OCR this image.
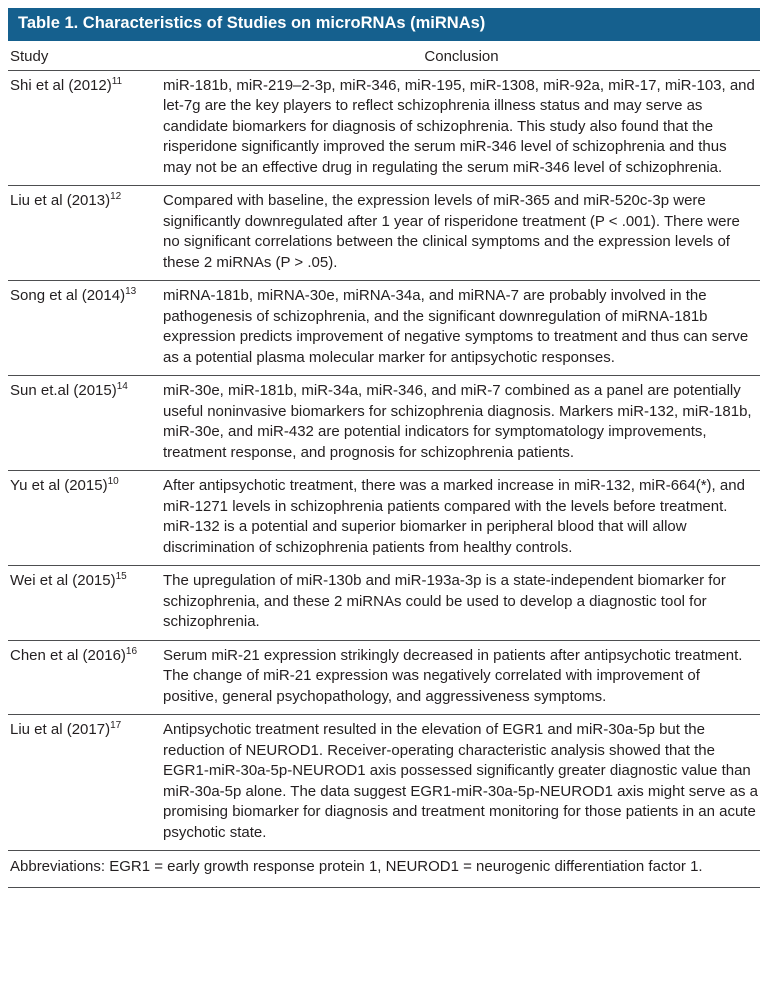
Table 1. Characteristics of Studies on microRNAs (miRNAs)
Study	Conclusion
Shi et al (2012)$^{11}$	miR-181b, miR-219–2-3p, miR-346, miR-195, miR-1308, miR-92a, miR-17, miR-103, and let-7g are the key players to reflect schizophrenia illness status and may serve as candidate biomarkers for diagnosis of schizophrenia. This study also found that the risperidone significantly improved the serum miR-346 level of schizophrenia and thus may not be an effective drug in regulating the serum miR-346 level of schizophrenia.
Liu et al (2013)$^{12}$	Compared with baseline, the expression levels of miR-365 and miR-520c-3p were significantly downregulated after 1 year of risperidone treatment (P < .001). There were no significant correlations between the clinical symptoms and the expression levels of these 2 miRNAs (P > .05).
Song et al (2014)$^{13}$	miRNA-181b, miRNA-30e, miRNA-34a, and miRNA-7 are probably involved in the pathogenesis of schizophrenia, and the significant downregulation of miRNA-181b expression predicts improvement of negative symptoms to treatment and thus can serve as a potential plasma molecular marker for antipsychotic responses.
Sun et.al (2015)$^{14}$	miR-30e, miR-181b, miR-34a, miR-346, and miR-7 combined as a panel are potentially useful noninvasive biomarkers for schizophrenia diagnosis. Markers miR-132, miR-181b, miR-30e, and miR-432 are potential indicators for symptomatology improvements, treatment response, and prognosis for schizophrenia patients.
Yu et al (2015)$^{10}$	After antipsychotic treatment, there was a marked increase in miR-132, miR-664(*), and miR-1271 levels in schizophrenia patients compared with the levels before treatment. miR-132 is a potential and superior biomarker in peripheral blood that will allow discrimination of schizophrenia patients from healthy controls.
Wei et al (2015)$^{15}$	The upregulation of miR-130b and miR-193a-3p is a state-independent biomarker for schizophrenia, and these 2 miRNAs could be used to develop a diagnostic tool for schizophrenia.
Chen et al (2016)$^{16}$	Serum miR-21 expression strikingly decreased in patients after antipsychotic treatment. The change of miR-21 expression was negatively correlated with improvement of positive, general psychopathology, and aggressiveness symptoms.
Liu et al (2017)$^{17}$	Antipsychotic treatment resulted in the elevation of EGR1 and miR-30a-5p but the reduction of NEUROD1. Receiver-operating characteristic analysis showed that the EGR1-miR-30a-5p-NEUROD1 axis possessed significantly greater diagnostic value than miR-30a-5p alone. The data suggest EGR1-miR-30a-5p-NEUROD1 axis might serve as a promising biomarker for diagnosis and treatment monitoring for those patients in an acute psychotic state.
Abbreviations: EGR1 = early growth response protein 1, NEUROD1 = neurogenic differentiation factor 1.
